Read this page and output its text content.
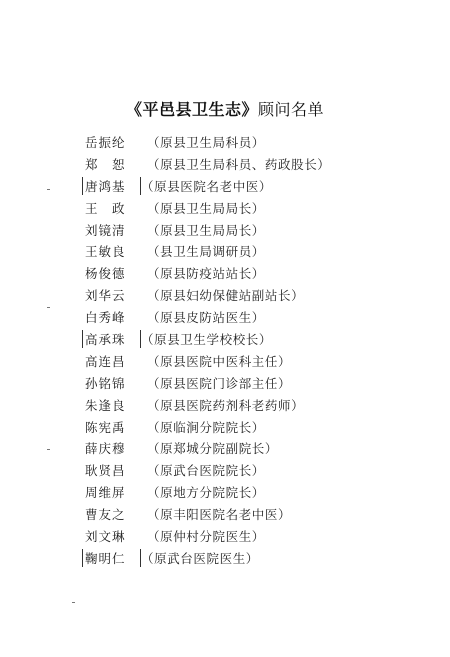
《平邑县卫生志》顾问名单
岳振纶	（原县卫生局科员）
郑　恕	（原县卫生局科员、药政股长）
唐鸿基	（原县医院名老中医）
王　政	（原县卫生局局长）
刘镜清	（原县卫生局局长）
王敏良	（县卫生局调研员）
杨俊德	（原县防疫站站长）
刘华云	（原县妇幼保健站副站长）
白秀峰	（原县皮防站医生）
高承珠	（原县卫生学校校长）
高连昌	（原县医院中医科主任）
孙铭锦	（原县医院门诊部主任）
朱逢良	（原县医院药剂科老药师）
陈宪禹	（原临涧分院院长）
薛庆穆	（原郑城分院副院长）
耿贤昌	（原武台医院院长）
周维屏	（原地方分院院长）
曹友之	（原丰阳医院名老中医）
刘文琳	（原仲村分院医生）
鞠明仁	（原武台医院医生）
